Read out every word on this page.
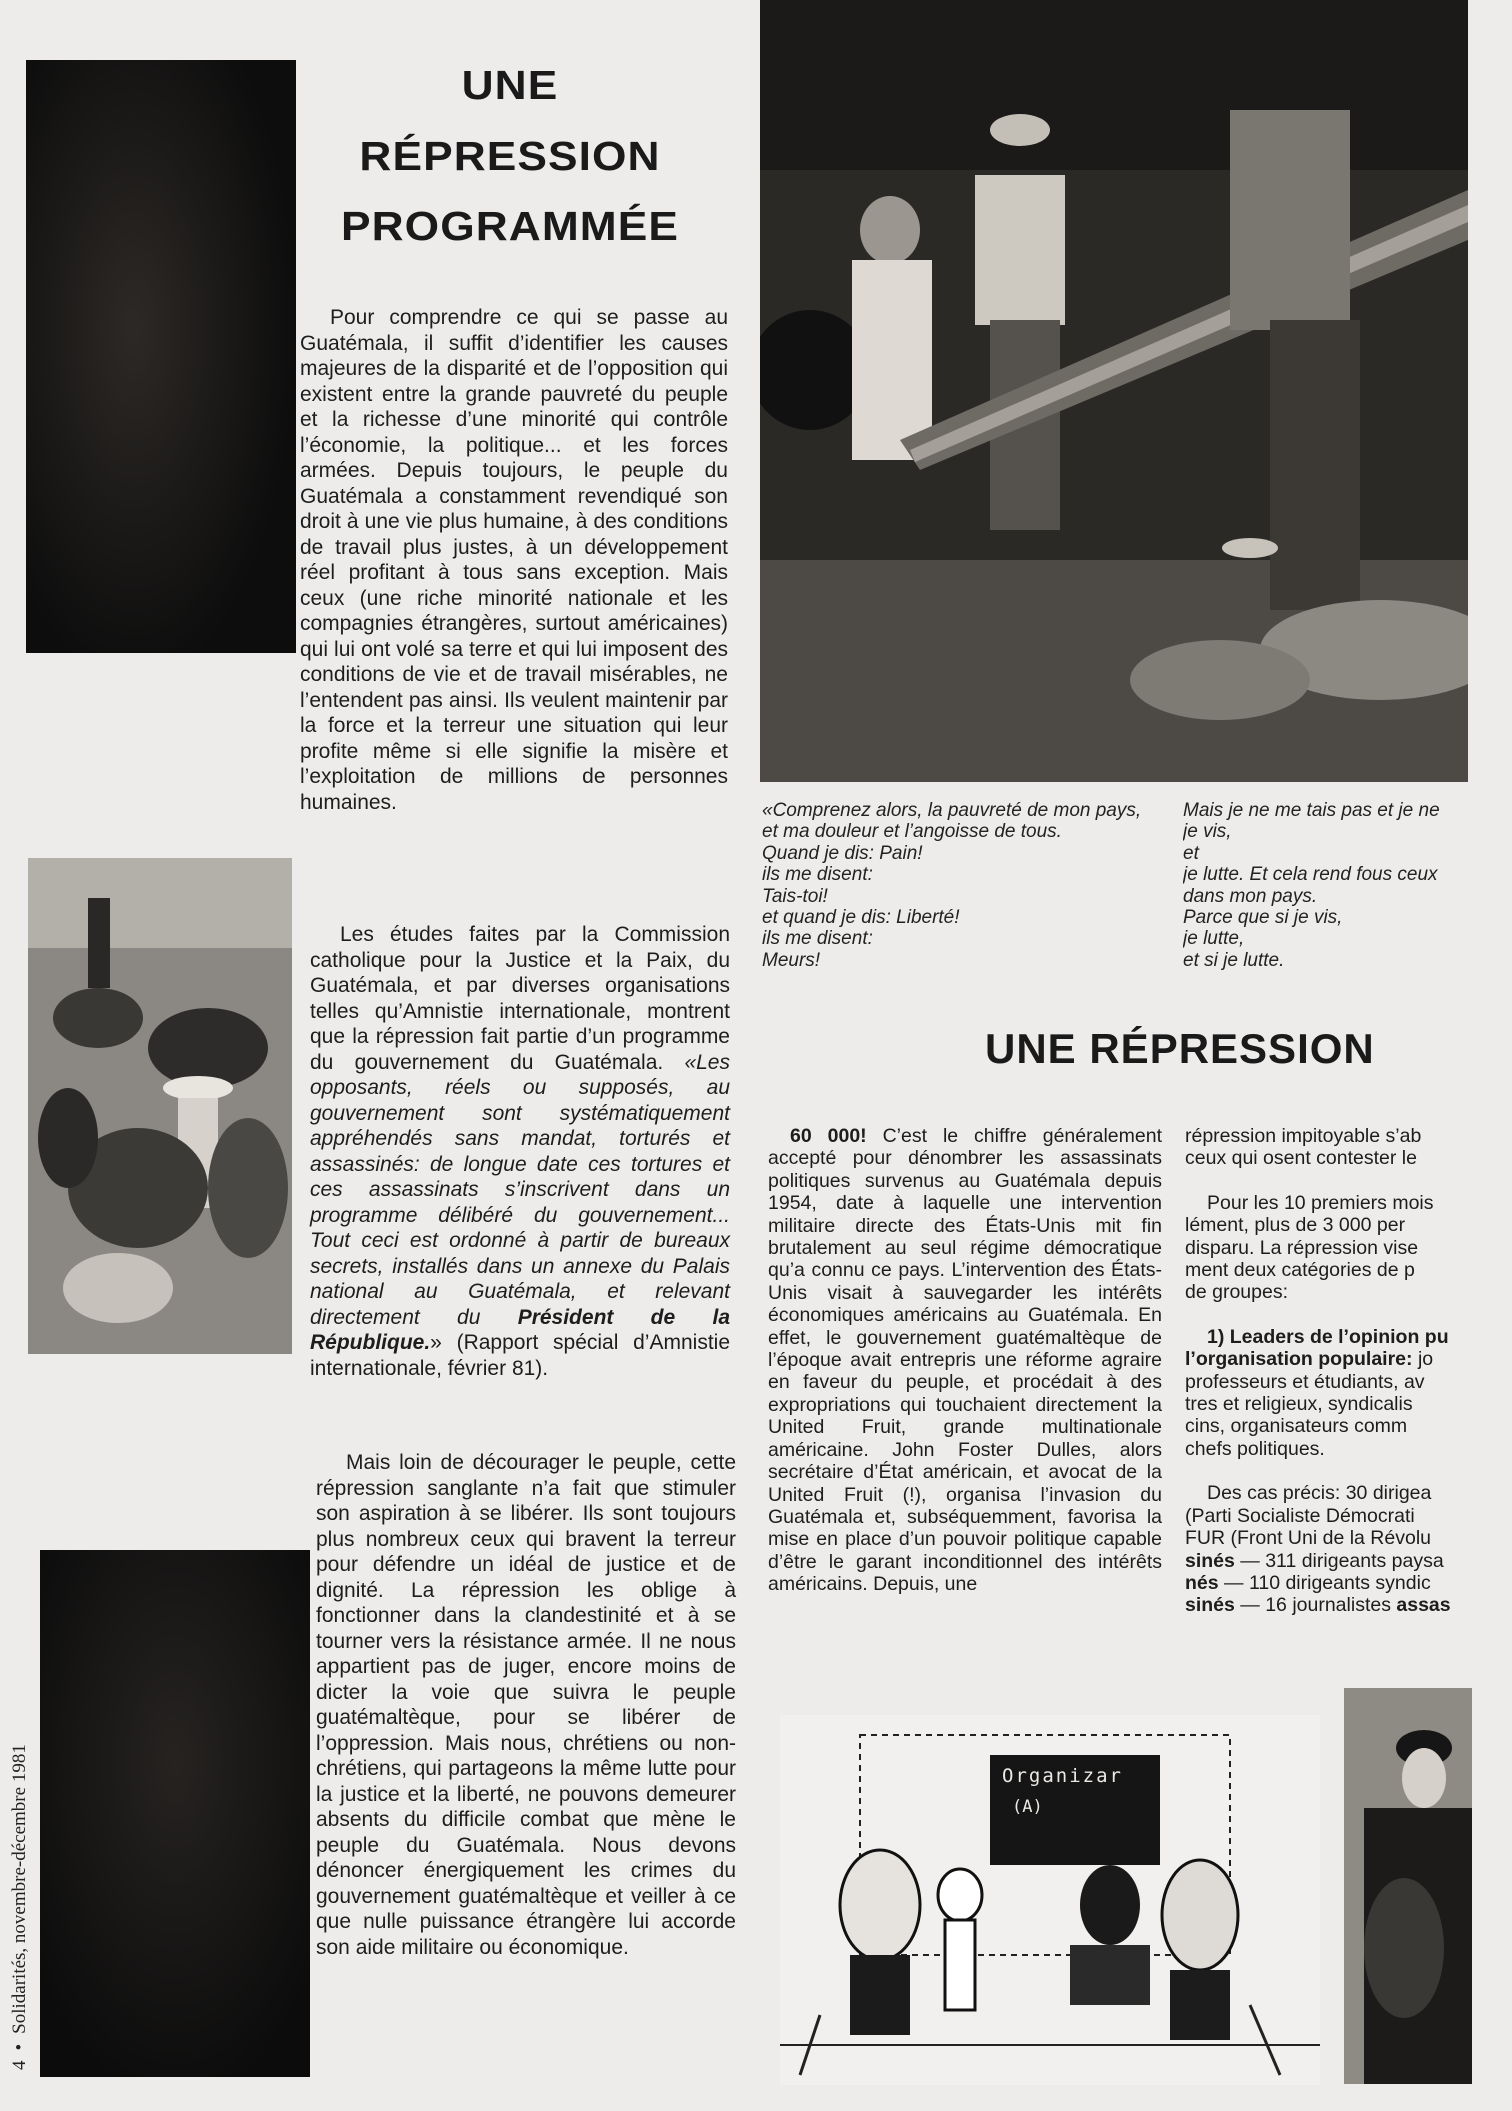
UNE
RÉPRESSION
PROGRAMMÉE

Pour comprendre ce qui se passe au Guatémala, il suffit d’identifier les causes majeures de la disparité et de l’opposition qui existent entre la grande pauvreté du peuple et la richesse d’une minorité qui contrôle l’économie, la politique... et les forces armées. Depuis toujours, le peuple du Guatémala a constamment revendiqué son droit à une vie plus humaine, à des conditions de travail plus justes, à un développement réel profitant à tous sans exception. Mais ceux (une riche minorité nationale et les compagnies étrangères, surtout américaines) qui lui ont volé sa terre et qui lui imposent des conditions de vie et de travail misérables, ne l’entendent pas ainsi. Ils veulent maintenir par la force et la terreur une situation qui leur profite même si elle signifie la misère et l’exploitation de millions de personnes humaines.

Les études faites par la Commission catholique pour la Justice et la Paix, du Guatémala, et par diverses organisations telles qu’Amnistie internationale, montrent que la répression fait partie d’un programme du gouvernement du Guatémala. «Les opposants, réels ou supposés, au gouvernement sont systématiquement appréhendés sans mandat, torturés et assassinés: de longue date ces tortures et ces assassinats s’inscrivent dans un programme délibéré du gouvernement... Tout ceci est ordonné à partir de bureaux secrets, installés dans un annexe du Palais national au Guatémala, et relevant directement du Président de la République.» (Rapport spécial d’Amnistie internationale, février 81).

Mais loin de décourager le peuple, cette répression sanglante n’a fait que stimuler son aspiration à se libérer. Ils sont toujours plus nombreux ceux qui bravent la terreur pour défendre un idéal de justice et de dignité. La répression les oblige à fonctionner dans la clandestinité et à se tourner vers la résistance armée. Il ne nous appartient pas de juger, encore moins de dicter la voie que suivra le peuple guatémaltèque, pour se libérer de l’oppression. Mais nous, chrétiens ou non-chrétiens, qui partageons la même lutte pour la justice et la liberté, ne pouvons demeurer absents du difficile combat que mène le peuple du Guatémala. Nous devons dénoncer énergiquement les crimes du gouvernement guatémaltèque et veiller à ce que nulle puissance étrangère lui accorde son aide militaire ou économique.

4
•
Solidarités, novembre-décembre 1981
«Comprenez alors, la pauvreté de mon pays,
et ma douleur et l’angoisse de tous.
Quand je dis: Pain!
ils me disent:
Tais-toi!
et quand je dis: Liberté!
ils me disent:
Meurs!
Mais je ne me tais pas et je ne
je vis,
et
je lutte. Et cela rend fous ceux
dans mon pays.
Parce que si je vis,
je lutte,
et si je lutte.
UNE RÉPRESSION

60 000! C’est le chiffre généralement accepté pour dénombrer les assassinats politiques survenus au Guatémala depuis 1954, date à laquelle une intervention militaire directe des États-Unis mit fin brutalement au seul régime démocratique qu’a connu ce pays. L’intervention des États-Unis visait à sauvegarder les intérêts économiques américains au Guatémala. En effet, le gouvernement guatémaltèque de l’époque avait entrepris une réforme agraire en faveur du peuple, et procédait à des expropriations qui touchaient directement la United Fruit, grande multinationale américaine. John Foster Dulles, alors secrétaire d’État américain, et avocat de la United Fruit (!), organisa l’invasion du Guatémala et, subséquemment, favorisa la mise en place d’un pouvoir politique capable d’être le garant inconditionnel des intérêts américains. Depuis, une

répression impitoyable s’ab
ceux qui osent contester le
Pour les 10 premiers mois
lément, plus de 3 000 per
disparu. La répression vise
ment deux catégories de p
de groupes:
1) Leaders de l’opinion pu
l’organisation populaire: jo
professeurs et étudiants, av
tres et religieux, syndicalis
cins, organisateurs comm
chefs politiques.
Des cas précis: 30 dirigea
(Parti Socialiste Démocrati
FUR (Front Uni de la Révolu
sinés — 311 dirigeants paysa
nés — 110 dirigeants syndic
sinés — 16 journalistes assas
Organizar
(A)
